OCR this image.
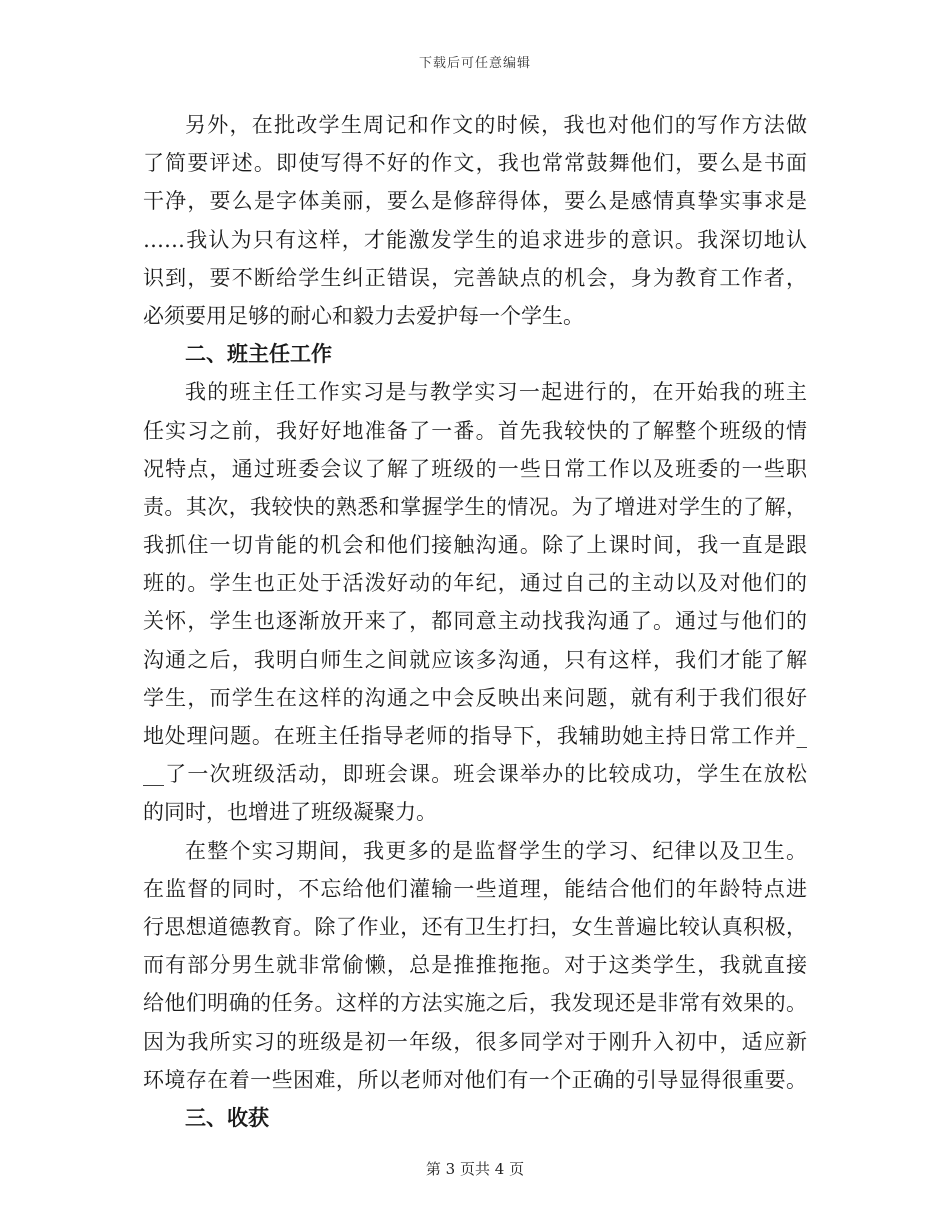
下载后可任意编辑
另外，在批改学生周记和作文的时候，我也对他们的写作方法做
了简要评述。即使写得不好的作文，我也常常鼓舞他们，要么是书面
干净，要么是字体美丽，要么是修辞得体，要么是感情真挚实事求是
……我认为只有这样，才能激发学生的追求进步的意识。我深切地认
识到，要不断给学生纠正错误，完善缺点的机会，身为教育工作者，
必须要用足够的耐心和毅力去爱护每一个学生。
二、班主任工作
我的班主任工作实习是与教学实习一起进行的，在开始我的班主
任实习之前，我好好地准备了一番。首先我较快的了解整个班级的情
况特点，通过班委会议了解了班级的一些日常工作以及班委的一些职
责。其次，我较快的熟悉和掌握学生的情况。为了增进对学生的了解，
我抓住一切肯能的机会和他们接触沟通。除了上课时间，我一直是跟
班的。学生也正处于活泼好动的年纪，通过自己的主动以及对他们的
关怀，学生也逐渐放开来了，都同意主动找我沟通了。通过与他们的
沟通之后，我明白师生之间就应该多沟通，只有这样，我们才能了解
学生，而学生在这样的沟通之中会反映出来问题，就有利于我们很好
地处理问题。在班主任指导老师的指导下，我辅助她主持日常工作并_
__了一次班级活动，即班会课。班会课举办的比较成功，学生在放松
的同时，也增进了班级凝聚力。
在整个实习期间，我更多的是监督学生的学习、纪律以及卫生。
在监督的同时，不忘给他们灌输一些道理，能结合他们的年龄特点进
行思想道德教育。除了作业，还有卫生打扫，女生普遍比较认真积极，
而有部分男生就非常偷懒，总是推推拖拖。对于这类学生，我就直接
给他们明确的任务。这样的方法实施之后，我发现还是非常有效果的。
因为我所实习的班级是初一年级，很多同学对于刚升入初中，适应新
环境存在着一些困难，所以老师对他们有一个正确的引导显得很重要。
三、收获
第 3 页共 4 页
